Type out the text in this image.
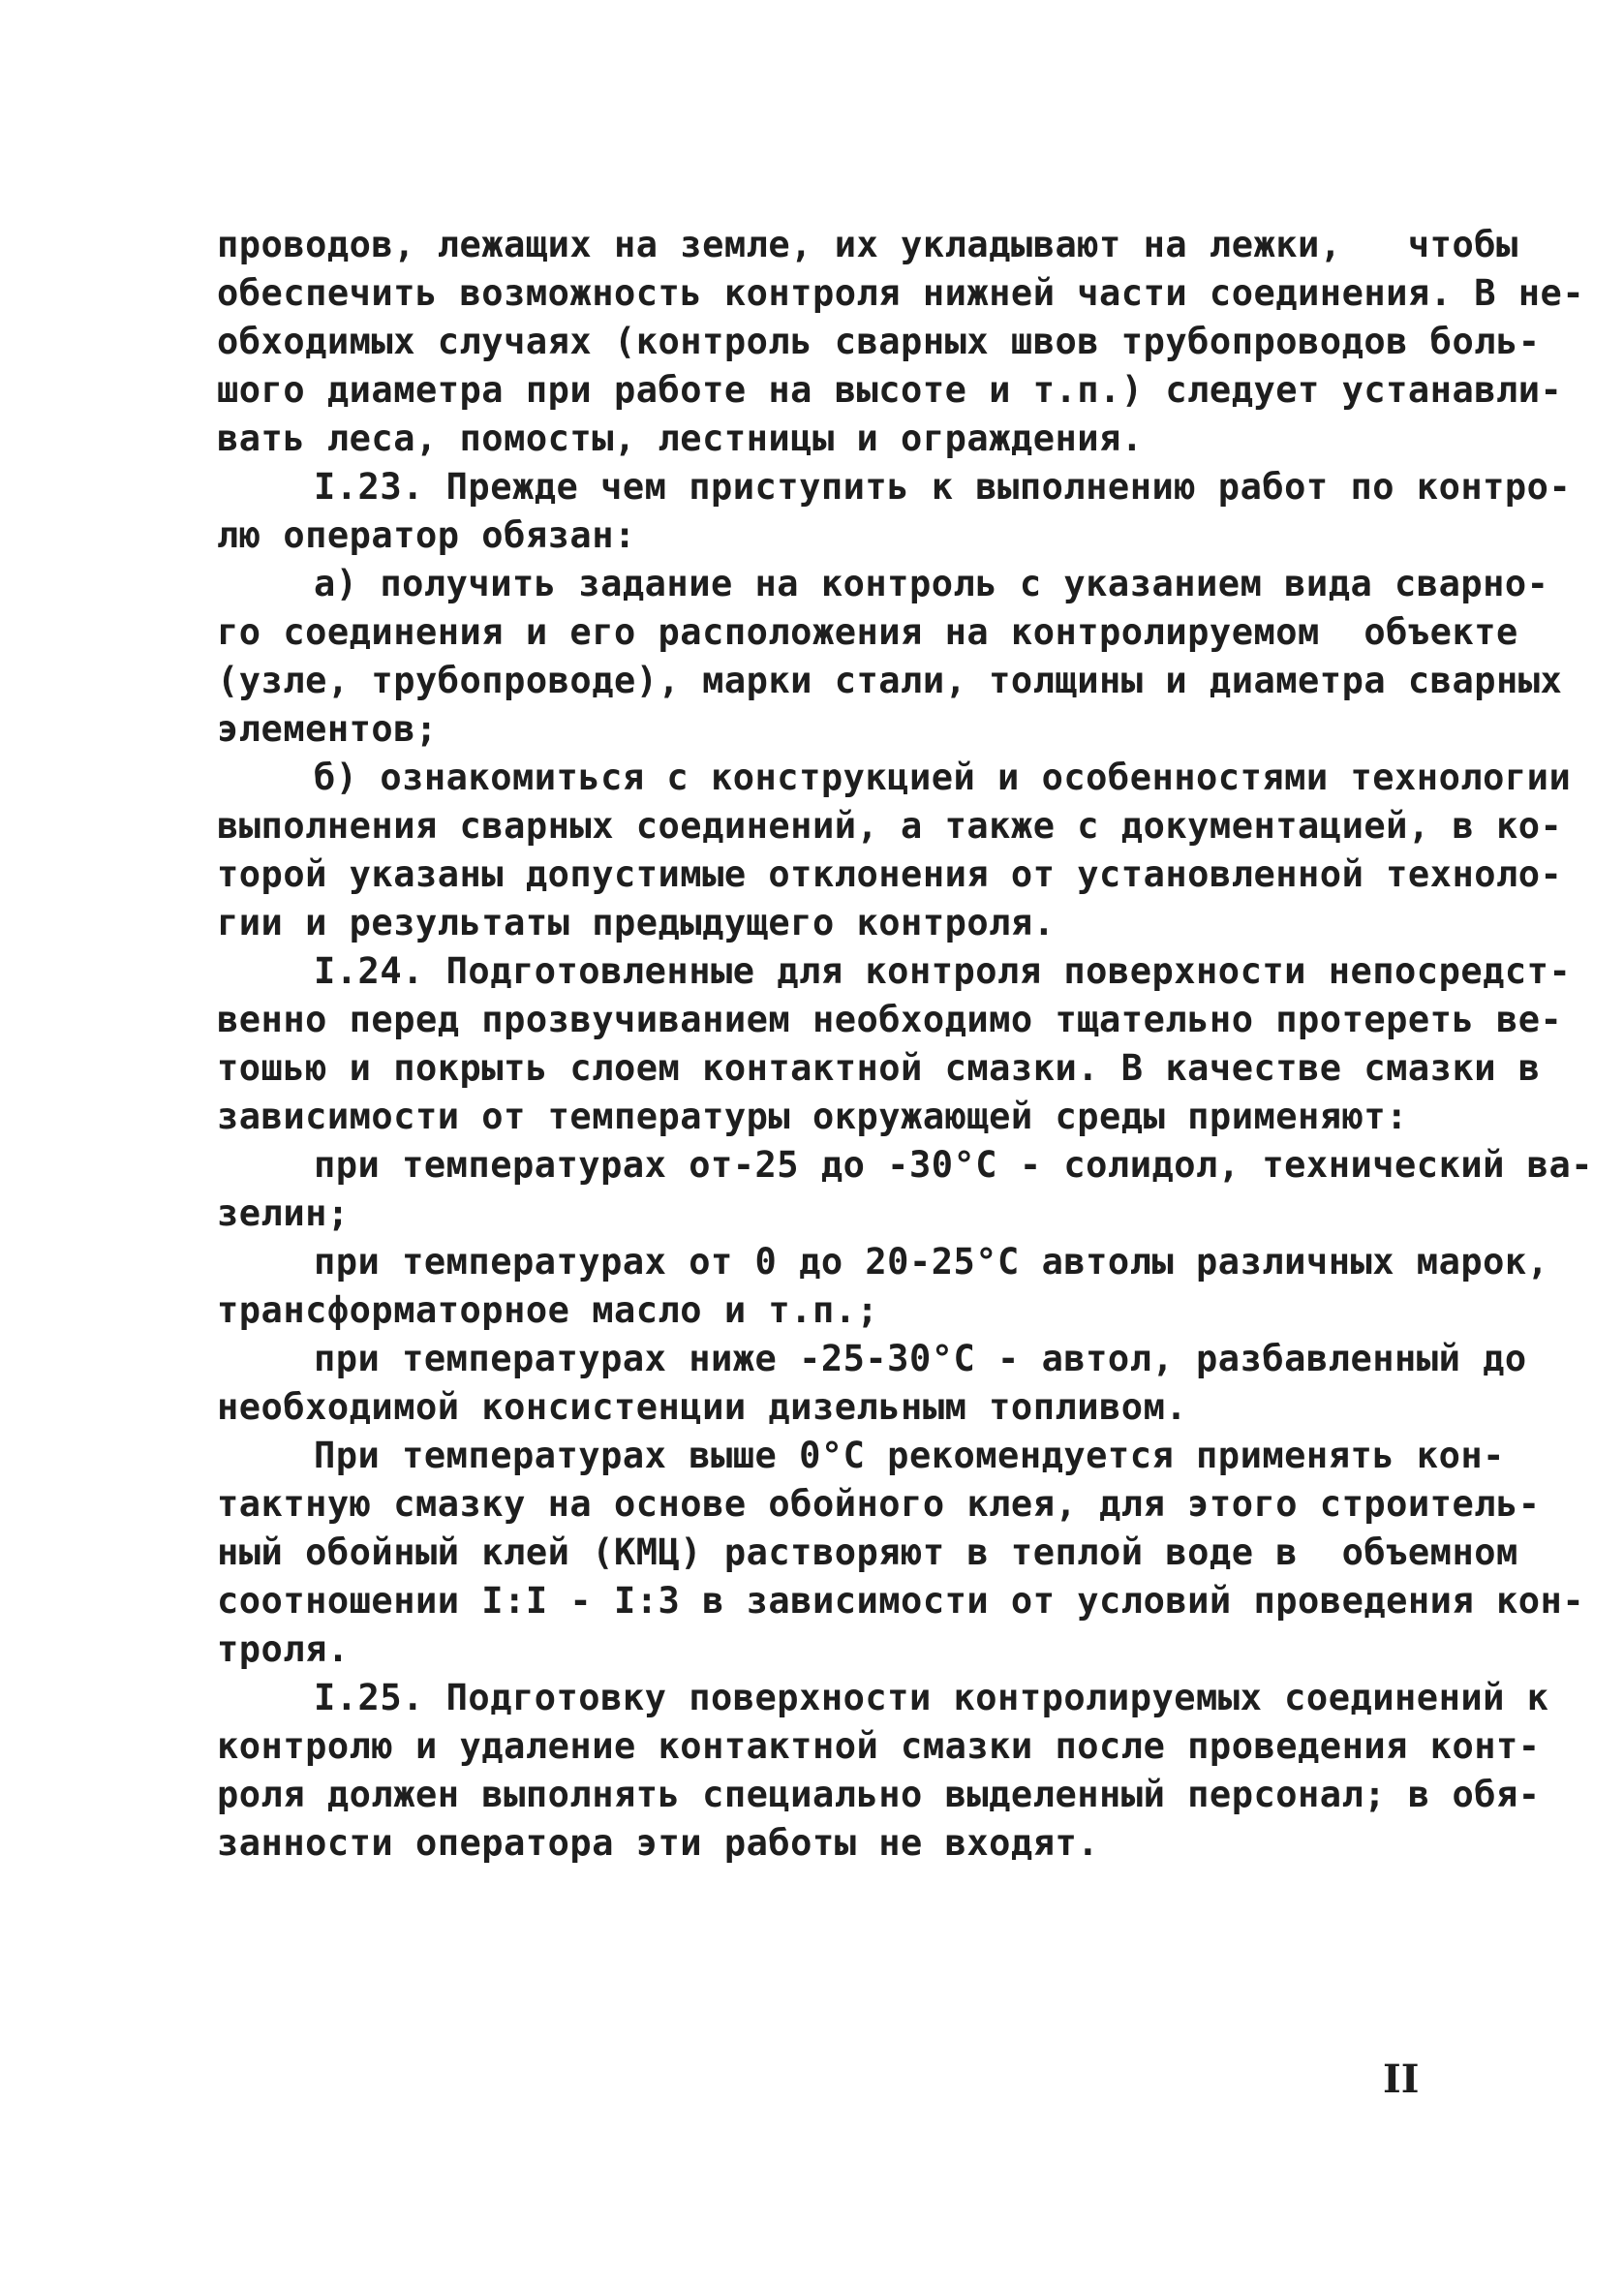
проводов, лежащих на земле, их укладывают на лежки,   чтобы
обеспечить возможность контроля нижней части соединения. В не-
обходимых случаях (контроль сварных швов трубопроводов боль-
шого диаметра при работе на высоте и т.п.) следует устанавли-
вать леса, помосты, лестницы и ограждения.
I.23. Прежде чем приступить к выполнению работ по контро-
лю оператор обязан:
а) получить задание на контроль с указанием вида сварно-
го соединения и его расположения на контролируемом  объекте
(узле, трубопроводе), марки стали, толщины и диаметра сварных
элементов;
б) ознакомиться с конструкцией и особенностями технологии
выполнения сварных соединений, а также с документацией, в ко-
торой указаны допустимые отклонения от установленной техноло-
гии и результаты предыдущего контроля.
I.24. Подготовленные для контроля поверхности непосредст-
венно перед прозвучиванием необходимо тщательно протереть ве-
тошью и покрыть слоем контактной смазки. В качестве смазки в
зависимости от температуры окружающей среды применяют:
при температурах от-25 до -30°С - солидол, технический ва-
зелин;
при температурах от 0 до 20-25°С автолы различных марок,
трансформаторное масло и т.п.;
при температурах ниже -25-30°С - автол, разбавленный до
необходимой консистенции дизельным топливом.
При температурах выше 0°С рекомендуется применять кон-
тактную смазку на основе обойного клея, для этого строитель-
ный обойный клей (КМЦ) растворяют в теплой воде в  объемном
соотношении I:I - I:3 в зависимости от условий проведения кон-
троля.
I.25. Подготовку поверхности контролируемых соединений к
контролю и удаление контактной смазки после проведения конт-
роля должен выполнять специально выделенный персонал; в обя-
занности оператора эти работы не входят.
II
